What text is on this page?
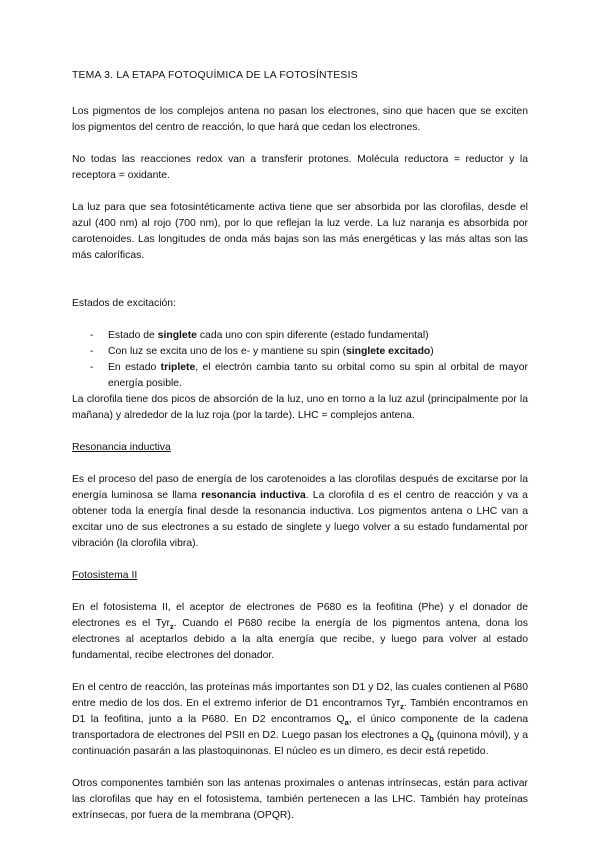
TEMA 3. LA ETAPA FOTOQUÍMICA DE LA FOTOSÍNTESIS

Los pigmentos de los complejos antena no pasan los electrones, sino que hacen que se exciten los pigmentos del centro de reacción, lo que hará que cedan los electrones.

No todas las reacciones redox van a transferir protones. Molécula reductora = reductor y la receptora = oxidante.

La luz para que sea fotosintéticamente activa tiene que ser absorbida por las clorofilas, desde el azul (400 nm) al rojo (700 nm), por lo que reflejan la luz verde. La luz naranja es absorbida por carotenoides. Las longitudes de onda más bajas son las más energéticas y las más altas son las más caloríficas.

Estados de excitación:

- Estado de singlete cada uno con spin diferente (estado fundamental)
- Con luz se excita uno de los e- y mantiene su spin (singlete excitado)
- En estado triplete, el electrón cambia tanto su orbital como su spin al orbital de mayor energía posible.

La clorofila tiene dos picos de absorción de la luz, uno en torno a la luz azul (principalmente por la mañana) y alrededor de la luz roja (por la tarde). LHC = complejos antena.

Resonancia inductiva

Es el proceso del paso de energía de los carotenoides a las clorofilas después de excitarse por la energía luminosa se llama resonancia inductiva. La clorofila d es el centro de reacción y va a obtener toda la energía final desde la resonancia inductiva. Los pigmentos antena o LHC van a excitar uno de sus electrones a su estado de singlete y luego volver a su estado fundamental por vibración (la clorofila vibra).

Fotosistema II

En el fotosistema II, el aceptor de electrones de P680 es la feofitina (Phe) y el donador de electrones es el Tyr$_z$. Cuando el P680 recibe la energía de los pigmentos antena, dona los electrones al aceptarlos debido a la alta energía que recibe, y luego para volver al estado fundamental, recibe electrones del donador.

En el centro de reacción, las proteínas más importantes son D1 y D2, las cuales contienen al P680 entre medio de los dos. En el extremo inferior de D1 encontramos Tyr$_z$. También encontramos en D1 la feofitina, junto a la P680. En D2 encontramos $Q_a$, el único componente de la cadena transportadora de electrones del PSII en D2. Luego pasan los electrones a $Q_b$ (quinona móvil), y a continuación pasarán a las plastoquinonas. El núcleo es un dímero, es decir está repetido.

Otros componentes también son las antenas proximales o antenas intrínsecas, están para activar las clorofilas que hay en el fotosistema, también pertenecen a las LHC. También hay proteínas extrínsecas, por fuera de la membrana (OPQR).
